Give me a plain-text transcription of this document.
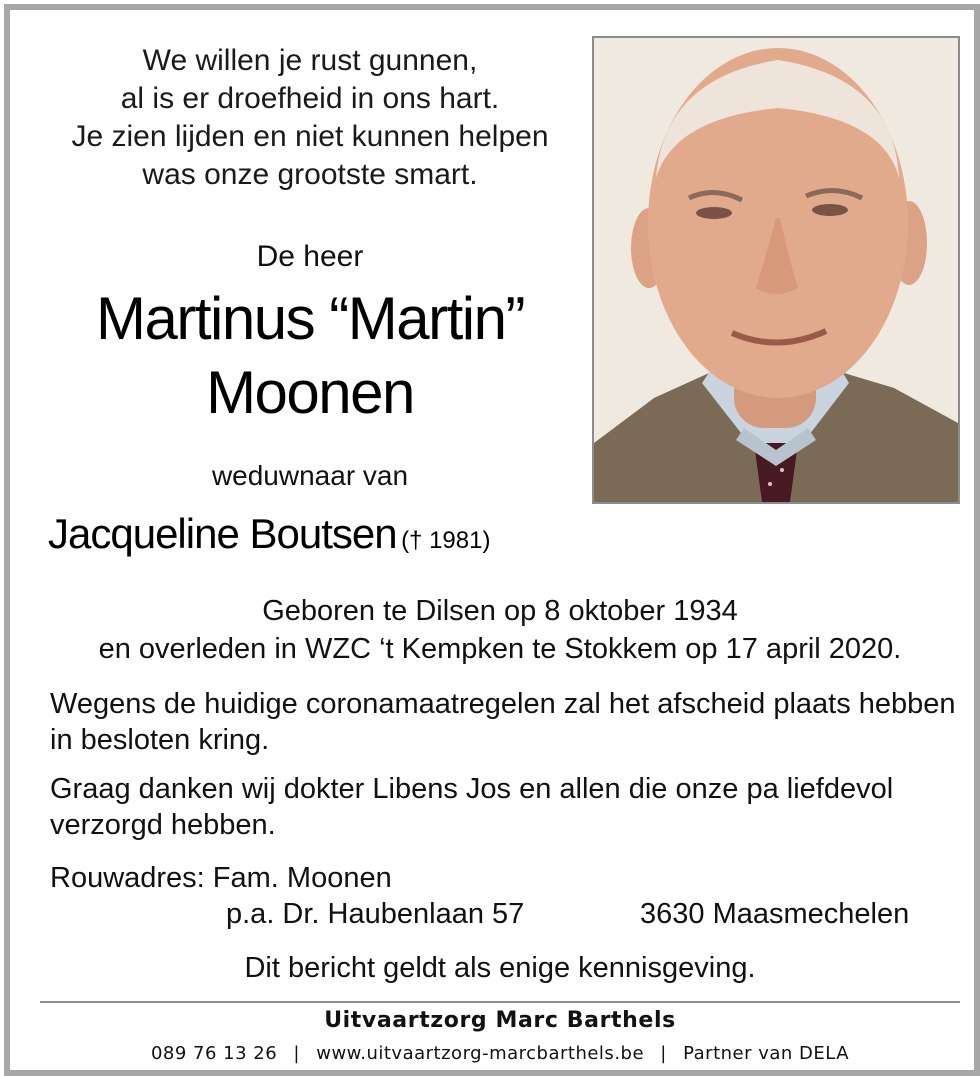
We willen je rust gunnen,
al is er droefheid in ons hart.
Je zien lijden en niet kunnen helpen
was onze grootste smart.
De heer
Martinus “Martin”
Moonen
weduwnaar van
Jacqueline Boutsen († 1981)
Geboren te Dilsen op 8 oktober 1934
en overleden in WZC ‘t Kempken te Stokkem op 17 april 2020.
Wegens de huidige coronamaatregelen zal het afscheid plaats hebben in besloten kring.
Graag danken wij dokter Libens Jos en allen die onze pa liefdevol verzorgd hebben.
Rouwadres: Fam. Moonen
p.a. Dr. Haubenlaan 57	3630 Maasmechelen
Dit bericht geldt als enige kennisgeving.
Uitvaartzorg Marc Barthels
089 76 13 26 | www.uitvaartzorg-marcbarthels.be | Partner van DELA
